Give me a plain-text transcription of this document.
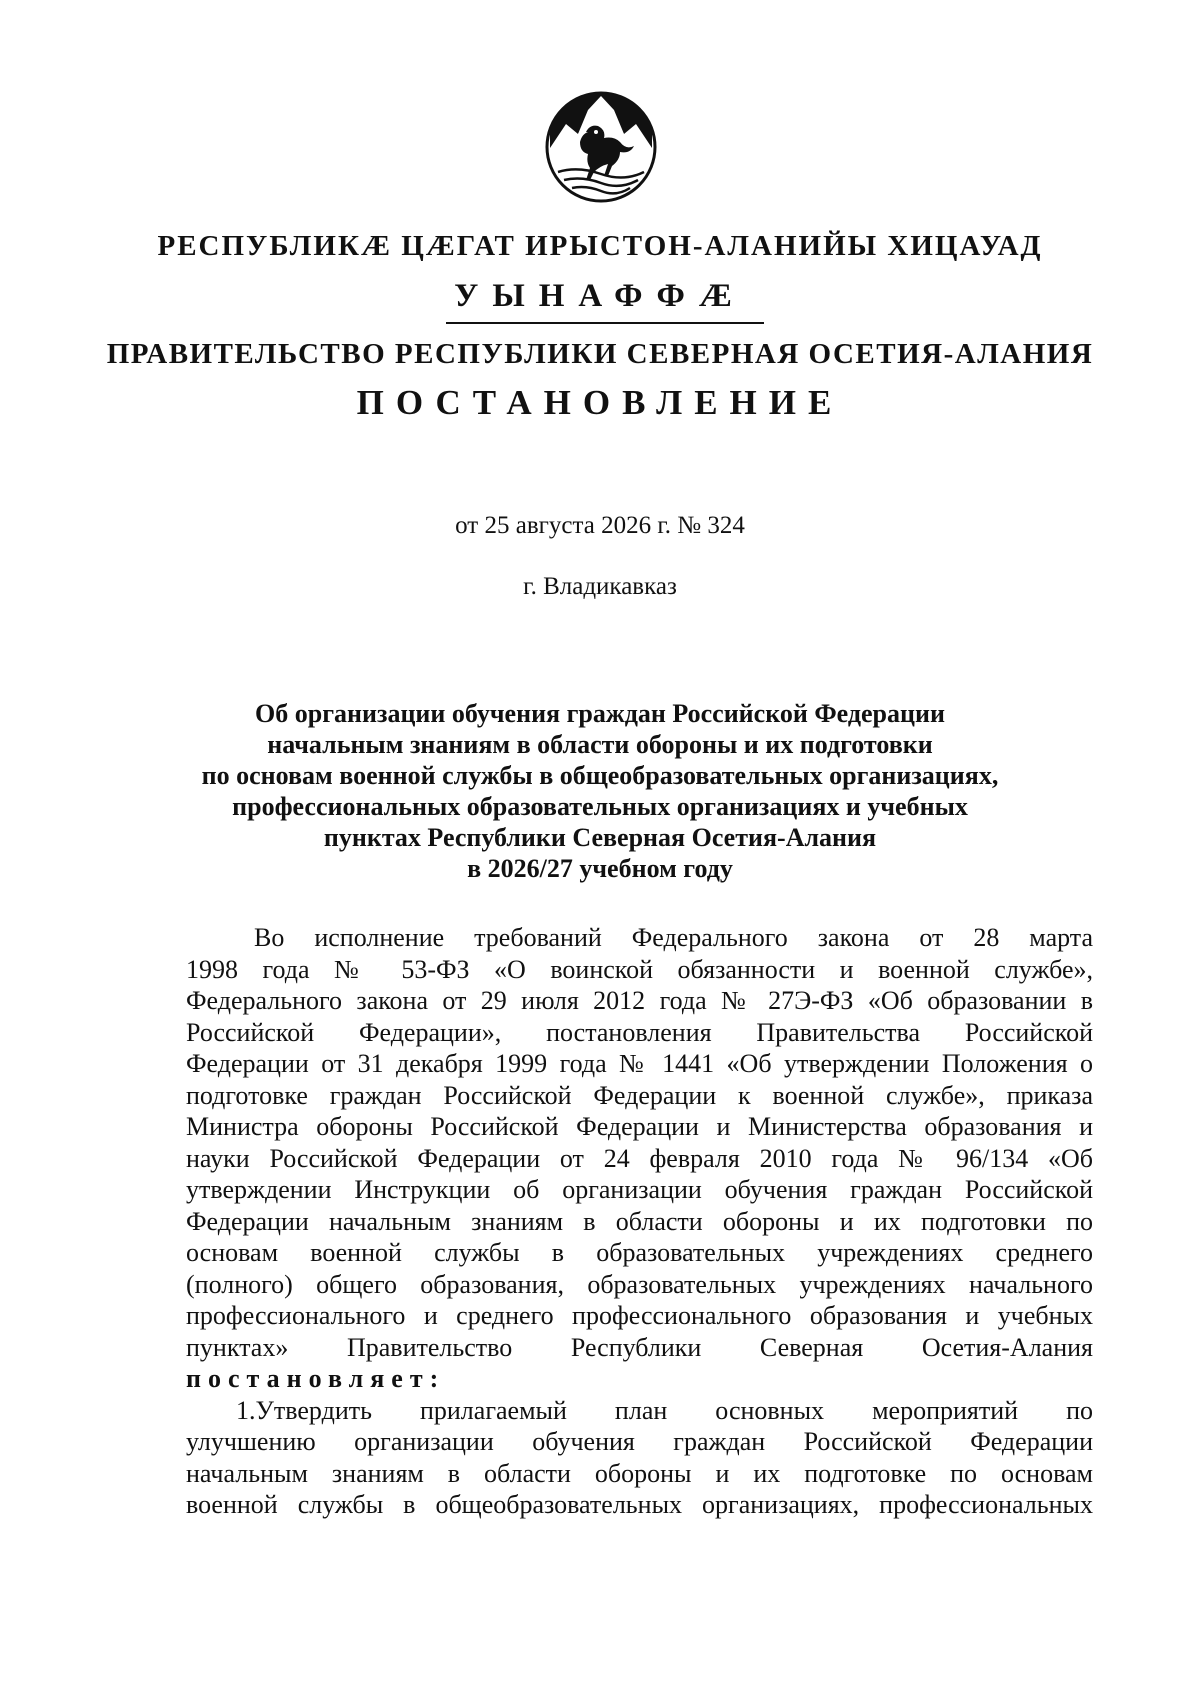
РЕСПУБЛИКӔ ЦӔГАТ ИРЫСТОН-АЛАНИЙЫ ХИЦАУАД
УЫНАФФӔ
ПРАВИТЕЛЬСТВО РЕСПУБЛИКИ СЕВЕРНАЯ ОСЕТИЯ-АЛАНИЯ
ПОСТАНОВЛЕНИЕ
от 25 августа 2026 г. № 324
г. Владикавказ
Об организации обучения граждан Российской Федерации
начальным знаниям в области обороны и их подготовки
по основам военной службы в общеобразовательных организациях,
профессиональных образовательных организациях и учебных
пунктах Республики Северная Осетия-Алания
в 2026/27 учебном году
Во исполнение требований Федерального закона от 28 марта
1998 года № 53-ФЗ «О воинской обязанности и военной службе»,
Федерального закона от 29 июля 2012 года № 27Э-ФЗ «Об образовании в
Российской Федерации», постановления Правительства Российской
Федерации от 31 декабря 1999 года № 1441 «Об утверждении Положения о
подготовке граждан Российской Федерации к военной службе», приказа
Министра обороны Российской Федерации и Министерства образования и
науки Российской Федерации от 24 февраля 2010 года № 96/134 «Об
утверждении Инструкции об организации обучения граждан Российской
Федерации начальным знаниям в области обороны и их подготовки по
основам военной службы в образовательных учреждениях среднего
(полного) общего образования, образовательных учреждениях начального
профессионального и среднего профессионального образования и учебных
пунктах» Правительство Республики Северная Осетия-Алания
постановляет:
1.Утвердить прилагаемый план основных мероприятий по
улучшению организации обучения граждан Российской Федерации
начальным знаниям в области обороны и их подготовке по основам
военной службы в общеобразовательных организациях, профессиональных
